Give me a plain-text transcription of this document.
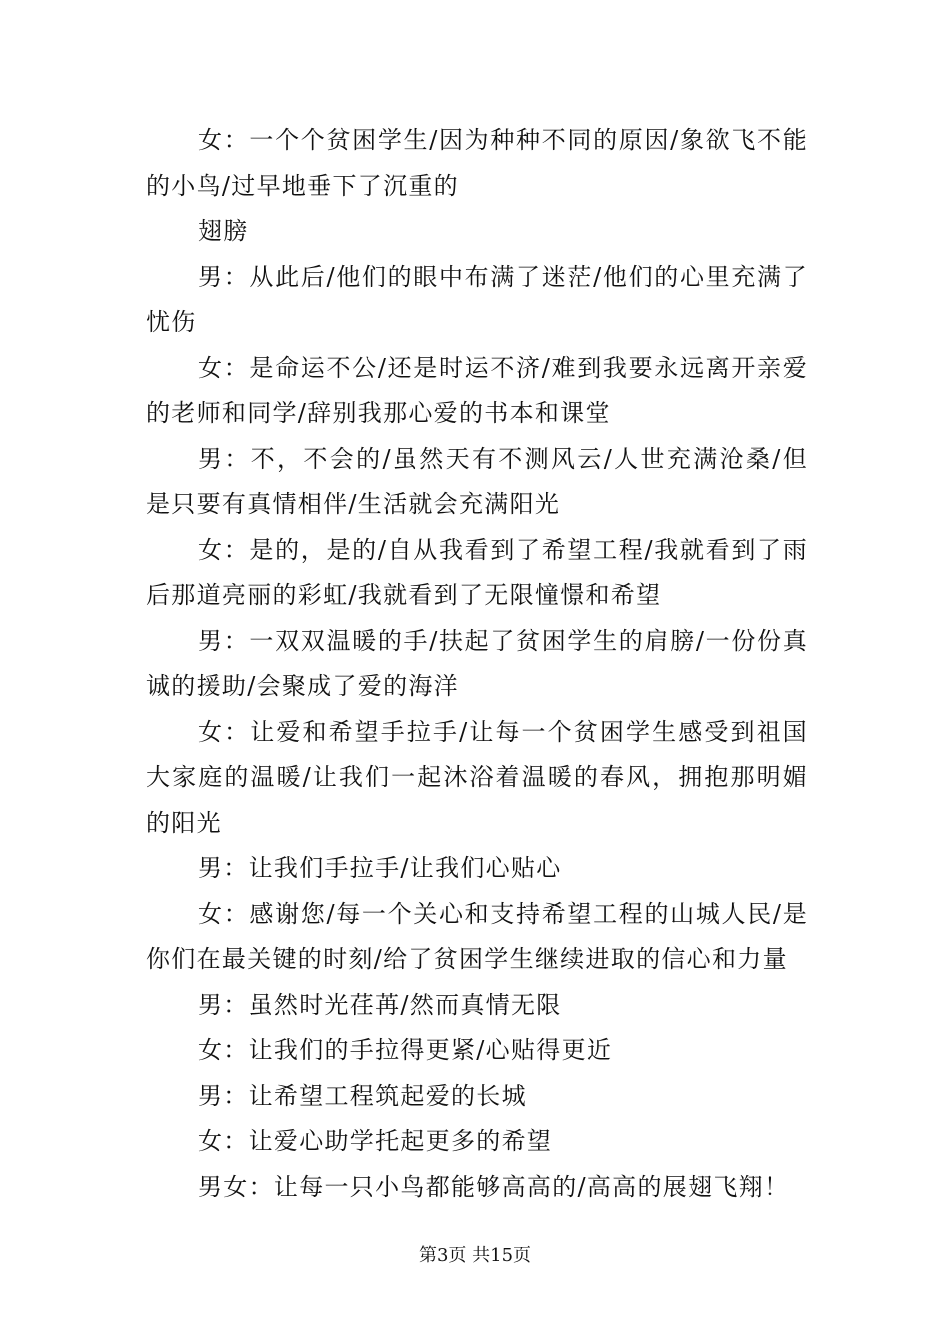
女：一个个贫困学生/因为种种不同的原因/象欲飞不能的小鸟/过早地垂下了沉重的

翅膀

男：从此后/他们的眼中布满了迷茫/他们的心里充满了忧伤

女：是命运不公/还是时运不济/难到我要永远离开亲爱的老师和同学/辞别我那心爱的书本和课堂

男：不，不会的/虽然天有不测风云/人世充满沧桑/但是只要有真情相伴/生活就会充满阳光

女：是的，是的/自从我看到了希望工程/我就看到了雨后那道亮丽的彩虹/我就看到了无限憧憬和希望

男：一双双温暖的手/扶起了贫困学生的肩膀/一份份真诚的援助/会聚成了爱的海洋

女：让爱和希望手拉手/让每一个贫困学生感受到祖国大家庭的温暖/让我们一起沐浴着温暖的春风，拥抱那明媚的阳光

男：让我们手拉手/让我们心贴心

女：感谢您/每一个关心和支持希望工程的山城人民/是你们在最关键的时刻/给了贫困学生继续进取的信心和力量

男：虽然时光荏苒/然而真情无限

女：让我们的手拉得更紧/心贴得更近

男：让希望工程筑起爱的长城

女：让爱心助学托起更多的希望

男女：让每一只小鸟都能够高高的/高高的展翅飞翔！

第3页 共15页
